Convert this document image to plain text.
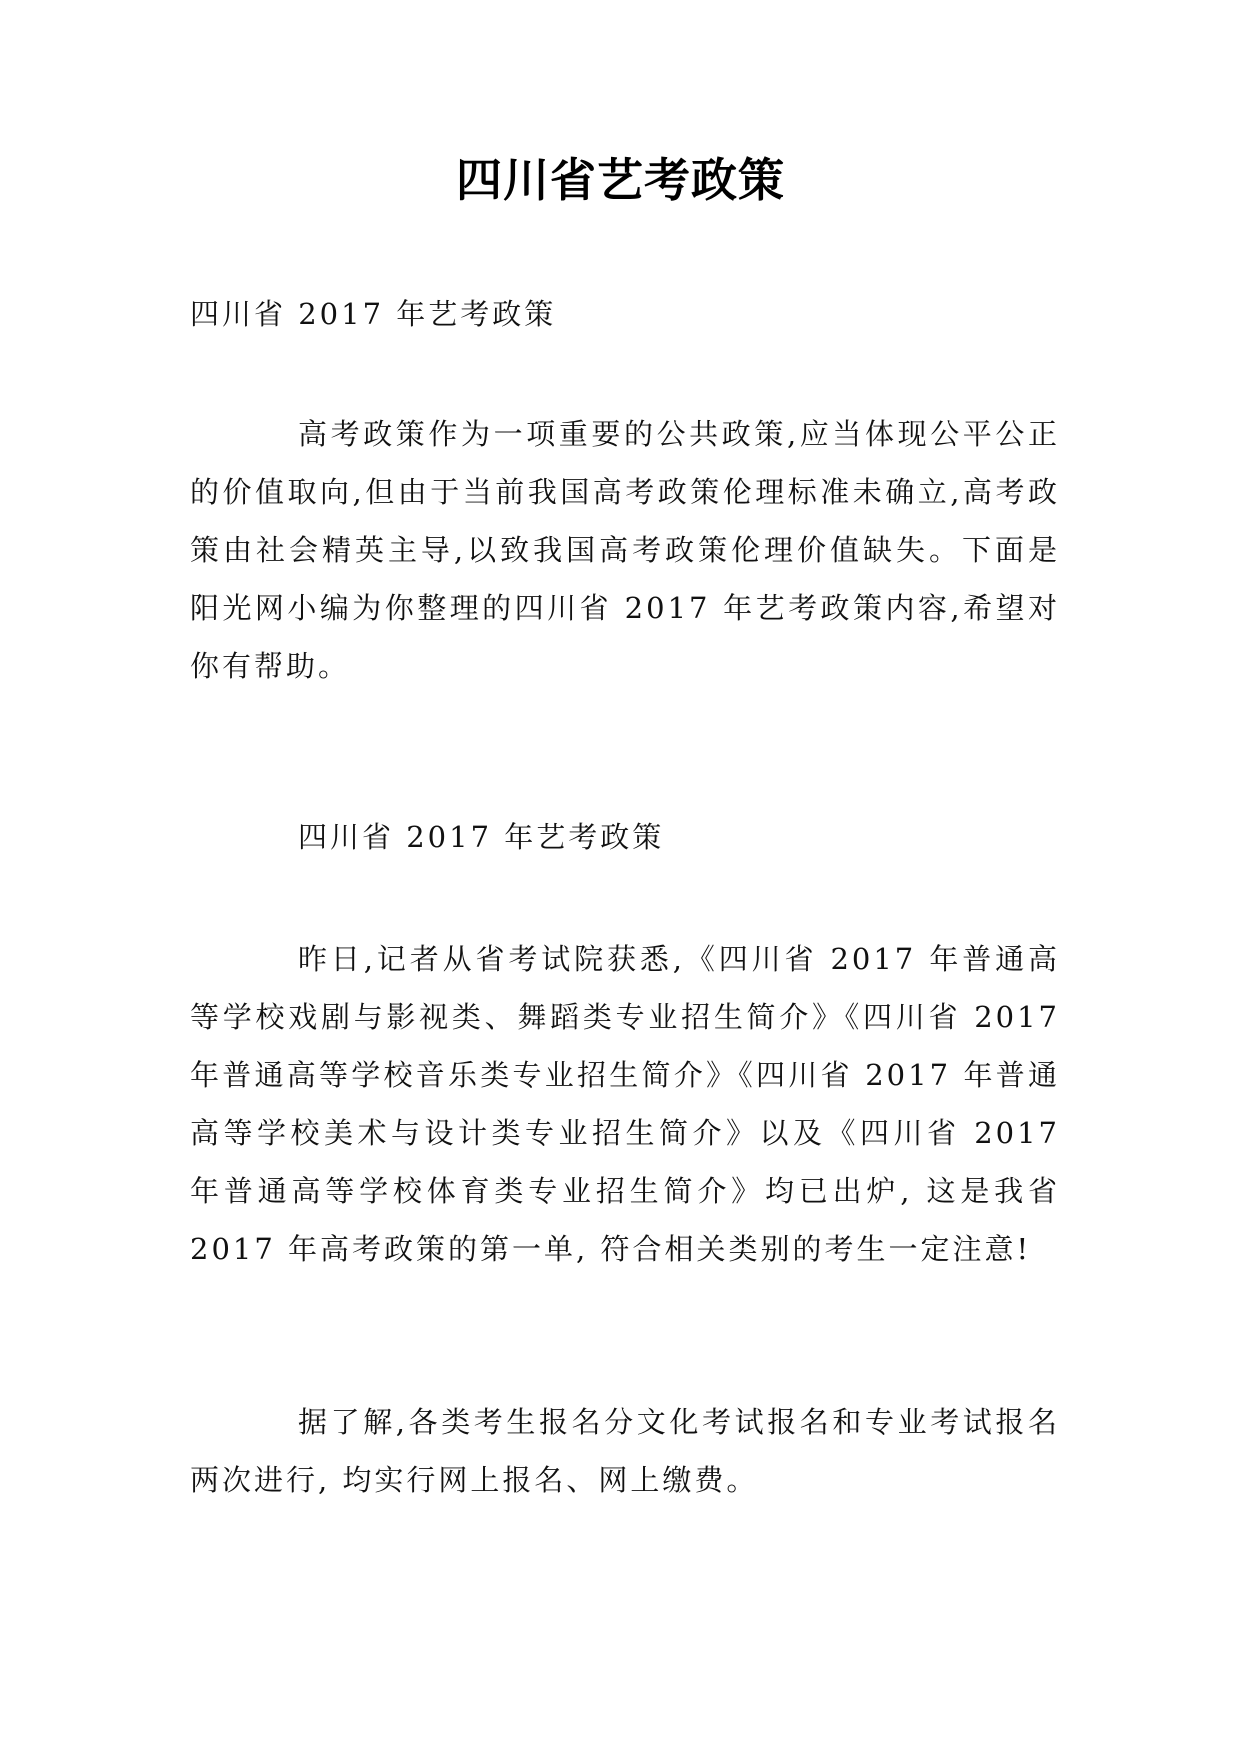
四川省艺考政策
四川省 2017 年艺考政策

高考政策作为一项重要的公共政策,应当体现公平公正的价值取向,但由于当前我国高考政策伦理标准未确立,高考政策由社会精英主导,以致我国高考政策伦理价值缺失。下面是阳光网小编为你整理的四川省 2017 年艺考政策内容,希望对你有帮助。

四川省 2017 年艺考政策

昨日,记者从省考试院获悉,《四川省 2017 年普通高等学校戏剧与影视类、舞蹈类专业招生简介》《四川省 2017 年普通高等学校音乐类专业招生简介》《四川省 2017 年普通高等学校美术与设计类专业招生简介》以及《四川省 2017 年普通高等学校体育类专业招生简介》均已出炉, 这是我省 2017 年高考政策的第一单, 符合相关类别的考生一定注意!

据了解,各类考生报名分文化考试报名和专业考试报名两次进行, 均实行网上报名、网上缴费。
